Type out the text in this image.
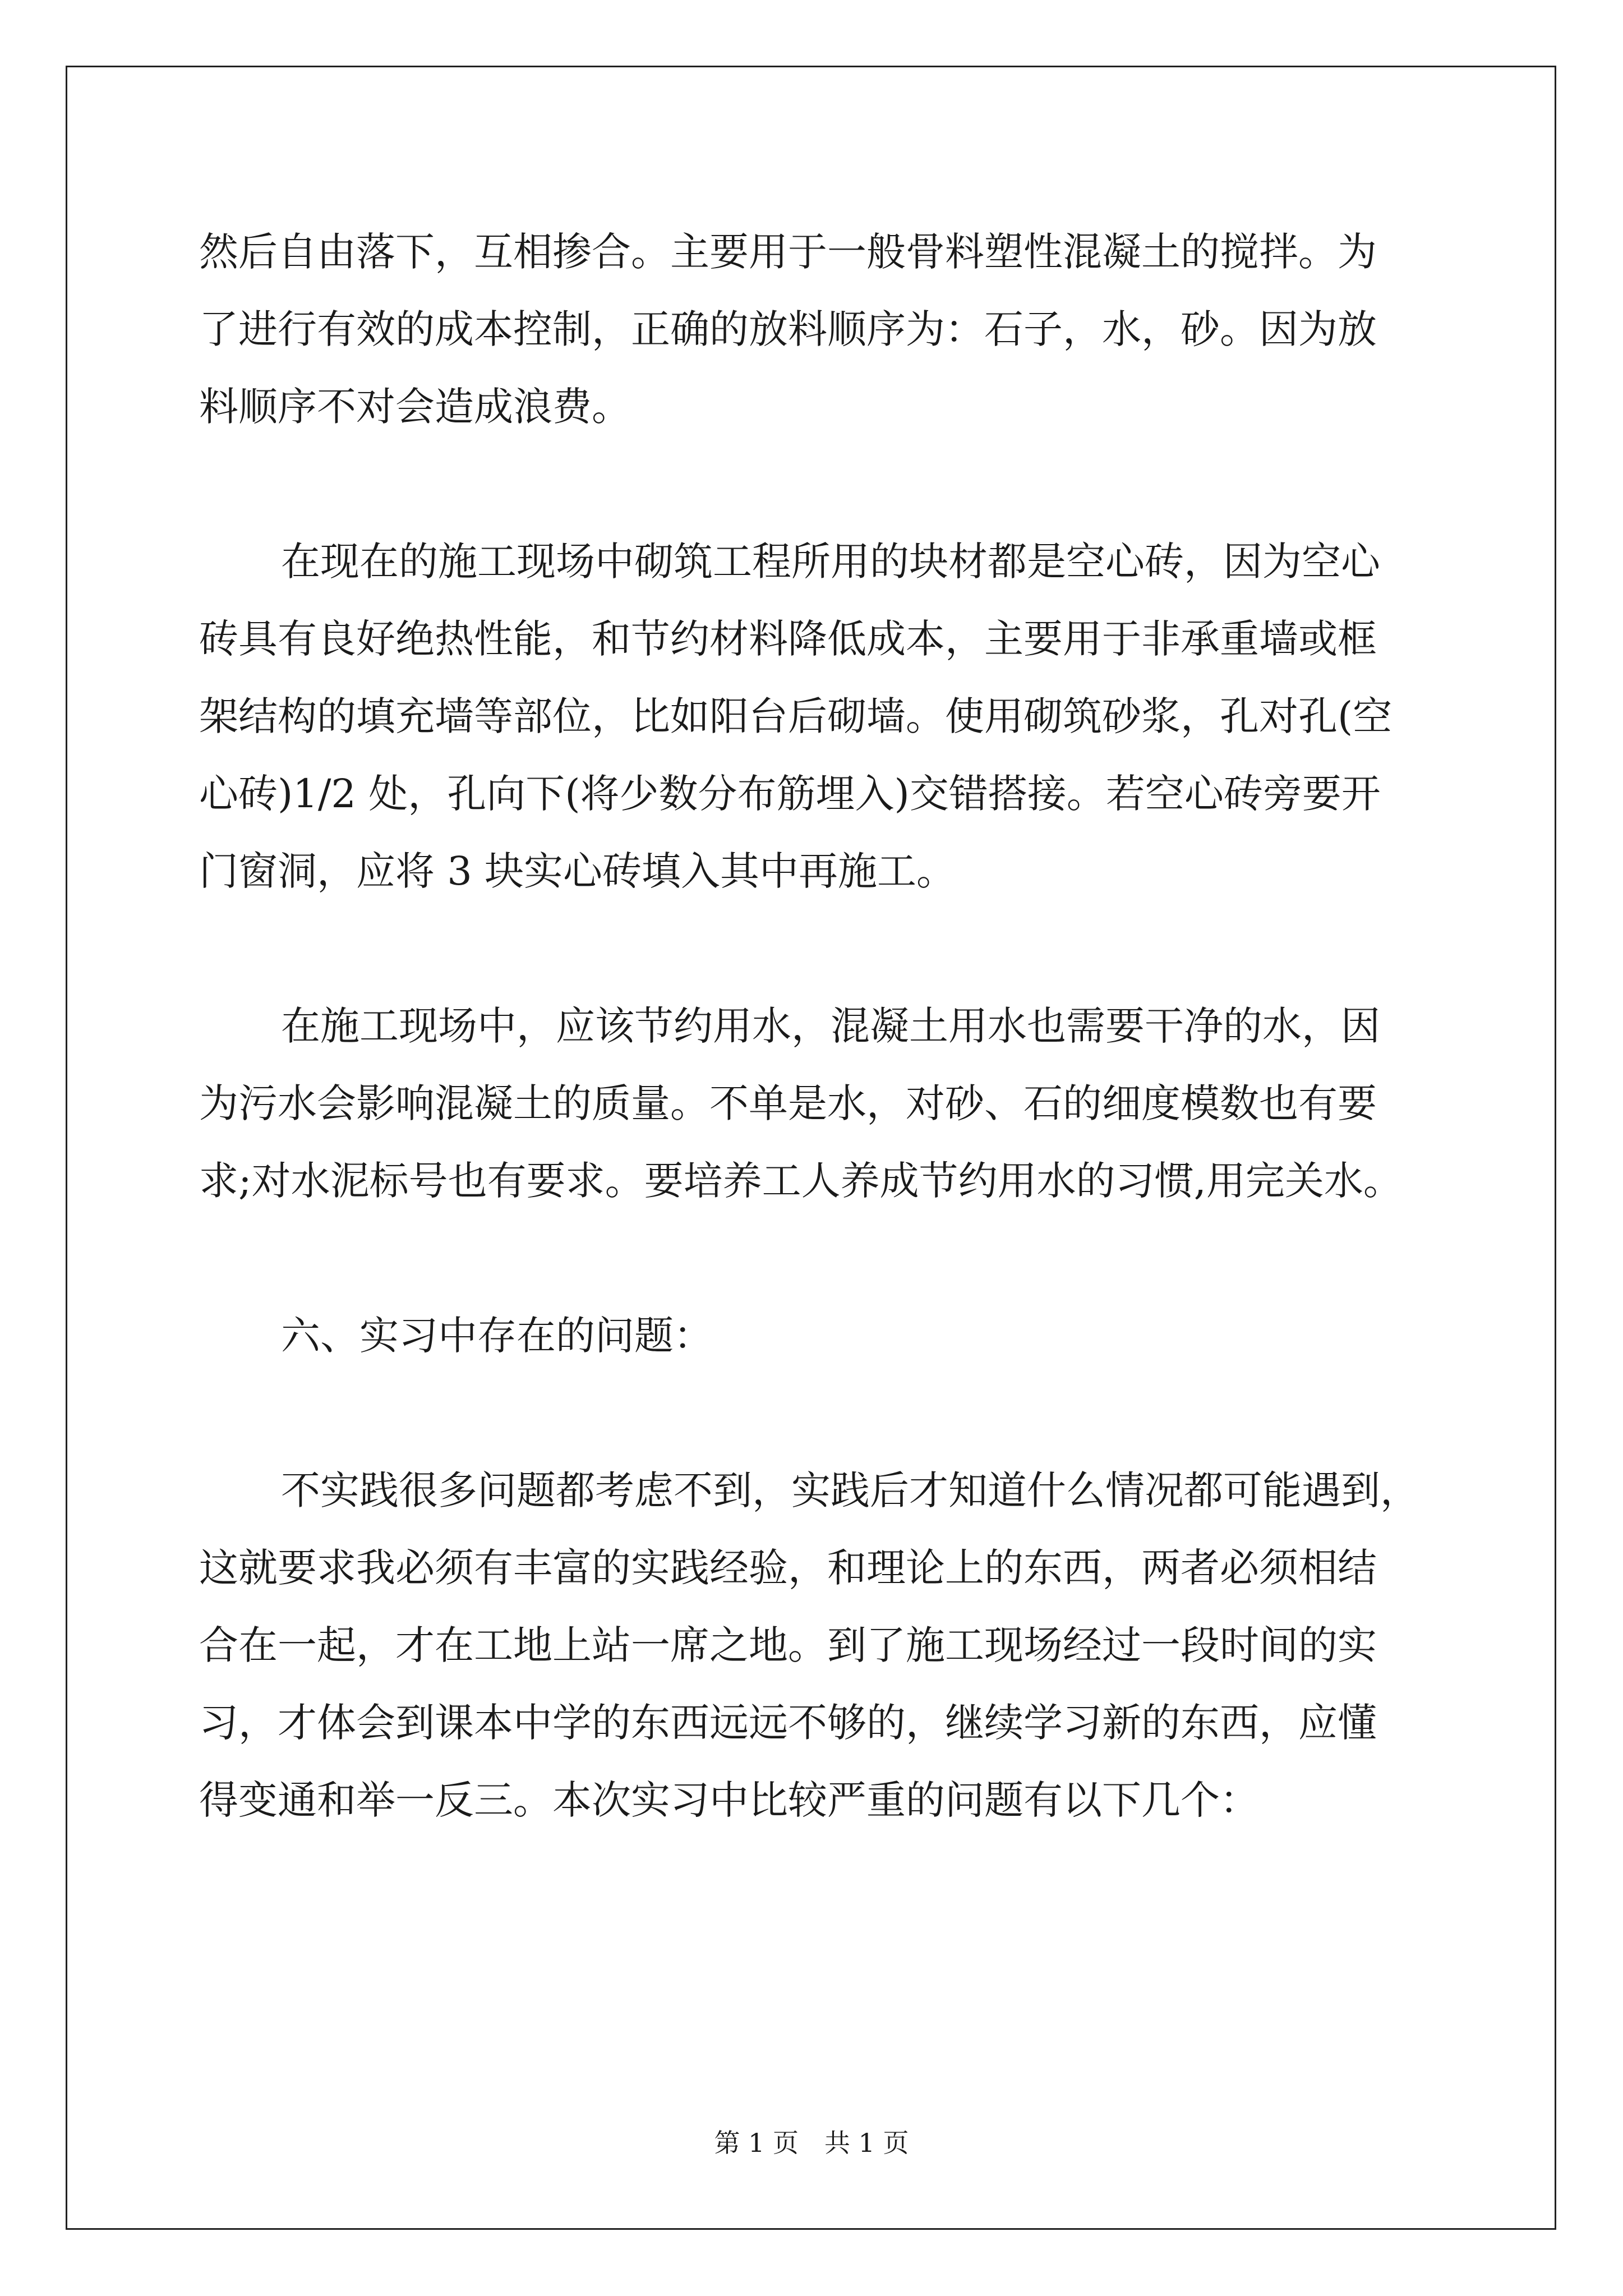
然后自由落下，互相掺合。主要用于一般骨料塑性混凝土的搅拌。为
了进行有效的成本控制，正确的放料顺序为：石子，水，砂。因为放
料顺序不对会造成浪费。
在现在的施工现场中砌筑工程所用的块材都是空心砖，因为空心
砖具有良好绝热性能，和节约材料降低成本，主要用于非承重墙或框
架结构的填充墙等部位，比如阳台后砌墙。使用砌筑砂浆，孔对孔(空
心砖)1/2 处，孔向下(将少数分布筋埋入)交错搭接。若空心砖旁要开
门窗洞，应将 3 块实心砖填入其中再施工。
在施工现场中，应该节约用水，混凝土用水也需要干净的水，因
为污水会影响混凝土的质量。不单是水，对砂、石的细度模数也有要
求;对水泥标号也有要求。要培养工人养成节约用水的习惯,用完关水。
六、实习中存在的问题：
不实践很多问题都考虑不到，实践后才知道什么情况都可能遇到，
这就要求我必须有丰富的实践经验，和理论上的东西，两者必须相结
合在一起，才在工地上站一席之地。到了施工现场经过一段时间的实
习，才体会到课本中学的东西远远不够的，继续学习新的东西，应懂
得变通和举一反三。本次实习中比较严重的问题有以下几个：
第 1 页　共 1 页
